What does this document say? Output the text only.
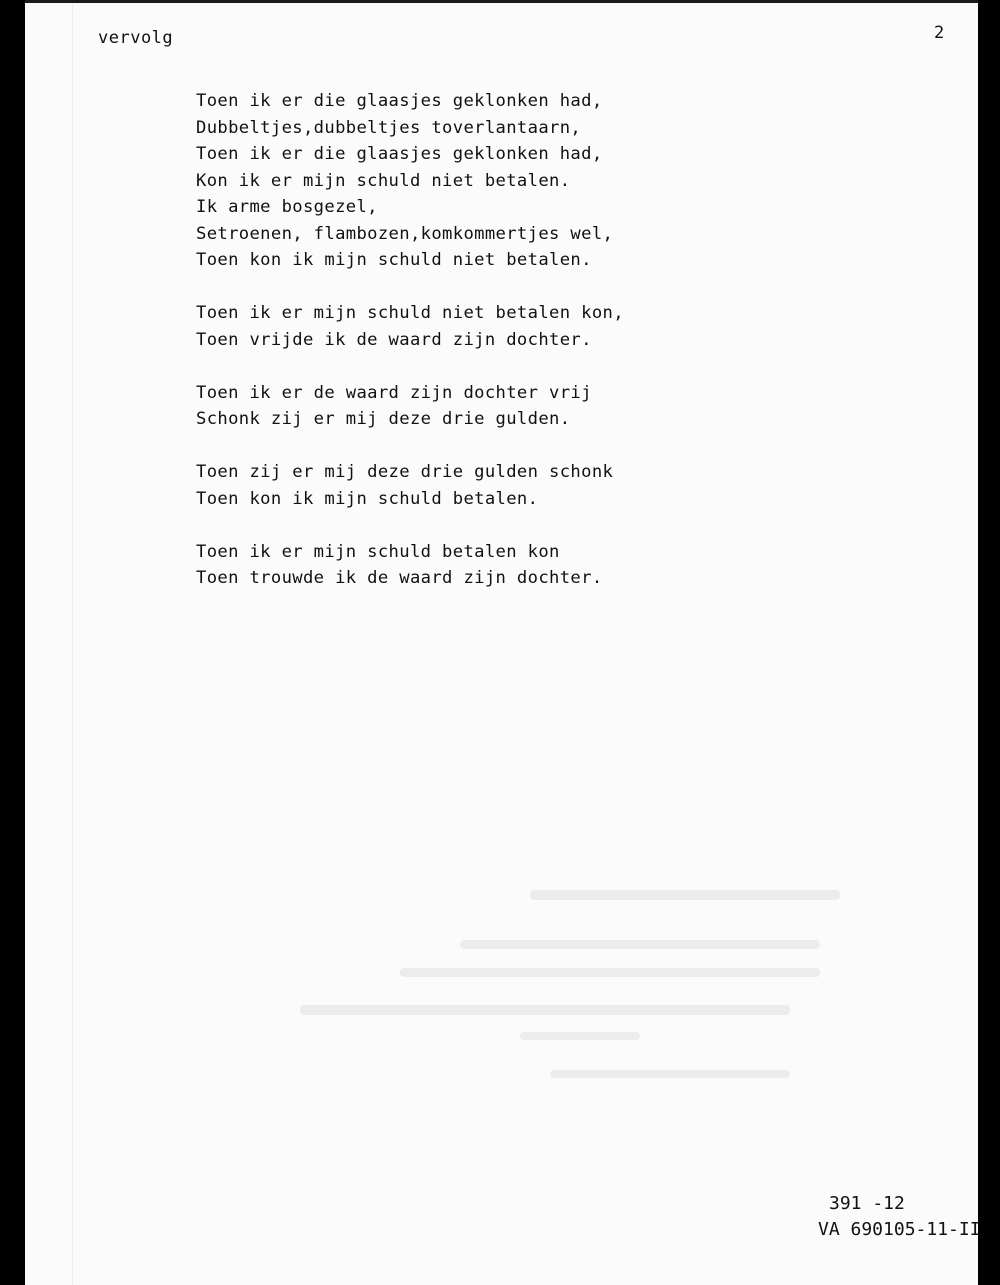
vervolg	2
Toen ik er die glaasjes geklonken had,
Dubbeltjes,dubbeltjes toverlantaarn,
Toen ik er die glaasjes geklonken had,
Kon ik er mijn schuld niet betalen.
Ik arme bosgezel,
Setroenen, flambozen,komkommertjes wel,
Toen kon ik mijn schuld niet betalen.
Toen ik er mijn schuld niet betalen kon,
Toen vrijde ik de waard zijn dochter.
Toen ik er de waard zijn dochter vrij
Schonk zij er mij deze drie gulden.
Toen zij er mij deze drie gulden schonk
Toen kon ik mijn schuld betalen.
Toen ik er mijn schuld betalen kon
Toen trouwde ik de waard zijn dochter.
391 -12
VA 690105-11-II
